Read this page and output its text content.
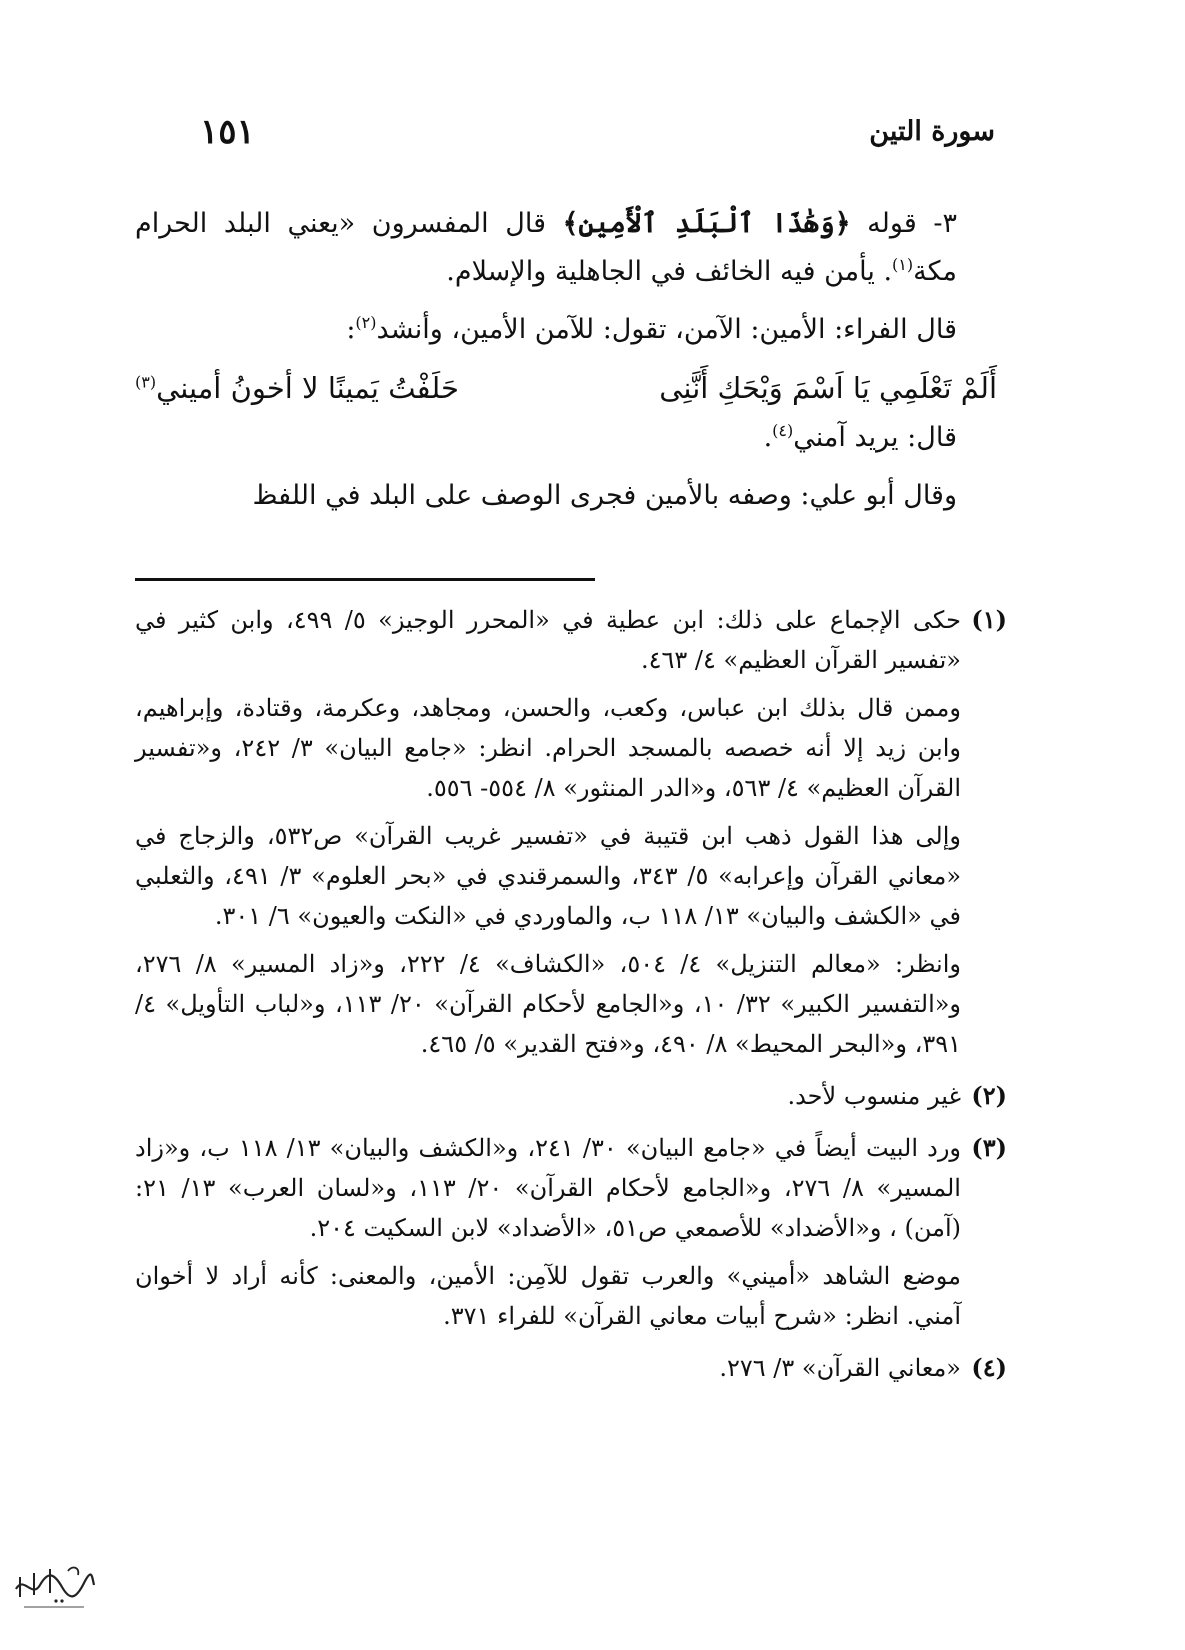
١٥١	سورة التين

٣- قوله ﴿وَهَٰذَا ٱلْبَلَدِ ٱلْأَمِينِ﴾ قال المفسرون «يعني البلد الحرام مكة$^{(١)}$. يأمن فيه الخائف في الجاهلية والإسلام.

قال الفراء: الأمين: الآمن، تقول: للآمن الأمين، وأنشد$^{(٢)}$:

أَلَمْ تَعْلَمِي يَا اَسْمَ وَيْحَكِ أَنَّنِى
حَلَفْتُ يَمينًا لا أخونُ أميني$^{(٣)}$

قال: يريد آمني$^{(٤)}$.

وقال أبو علي: وصفه بالأمين فجرى الوصف على البلد في اللفظ

(١)

حكى الإجماع على ذلك: ابن عطية في «المحرر الوجيز» ٥/ ٤٩٩، وابن كثير في «تفسير القرآن العظيم» ٤/ ٤٦٣.

وممن قال بذلك ابن عباس، وكعب، والحسن، ومجاهد، وعكرمة، وقتادة، وإبراهيم، وابن زيد إلا أنه خصصه بالمسجد الحرام. انظر: «جامع البيان» ٣/ ٢٤٢، و«تفسير القرآن العظيم» ٤/ ٥٦٣، و«الدر المنثور» ٨/ ٥٥٤- ٥٥٦.

وإلى هذا القول ذهب ابن قتيبة في «تفسير غريب القرآن» ص٥٣٢، والزجاج في «معاني القرآن وإعرابه» ٥/ ٣٤٣، والسمرقندي في «بحر العلوم» ٣/ ٤٩١، والثعلبي في «الكشف والبيان» ١٣/ ١١٨ ب، والماوردي في «النكت والعيون» ٦/ ٣٠١.

وانظر: «معالم التنزيل» ٤/ ٥٠٤، «الكشاف» ٤/ ٢٢٢، و«زاد المسير» ٨/ ٢٧٦، و«التفسير الكبير» ٣٢/ ١٠، و«الجامع لأحكام القرآن» ٢٠/ ١١٣، و«لباب التأويل» ٤/ ٣٩١، و«البحر المحيط» ٨/ ٤٩٠، و«فتح القدير» ٥/ ٤٦٥.

(٢)

غير منسوب لأحد.

(٣)

ورد البيت أيضاً في «جامع البيان» ٣٠/ ٢٤١، و«الكشف والبيان» ١٣/ ١١٨ ب، و«زاد المسير» ٨/ ٢٧٦، و«الجامع لأحكام القرآن» ٢٠/ ١١٣، و«لسان العرب» ١٣/ ٢١: (آمن) ، و«الأضداد» للأصمعي ص٥١، «الأضداد» لابن السكيت ٢٠٤.

موضع الشاهد «أميني» والعرب تقول للآمِن: الأمين، والمعنى: كأنه أراد لا أخوان آمني. انظر: «شرح أبيات معاني القرآن» للفراء ٣٧١.

(٤)

«معاني القرآن» ٣/ ٢٧٦.
